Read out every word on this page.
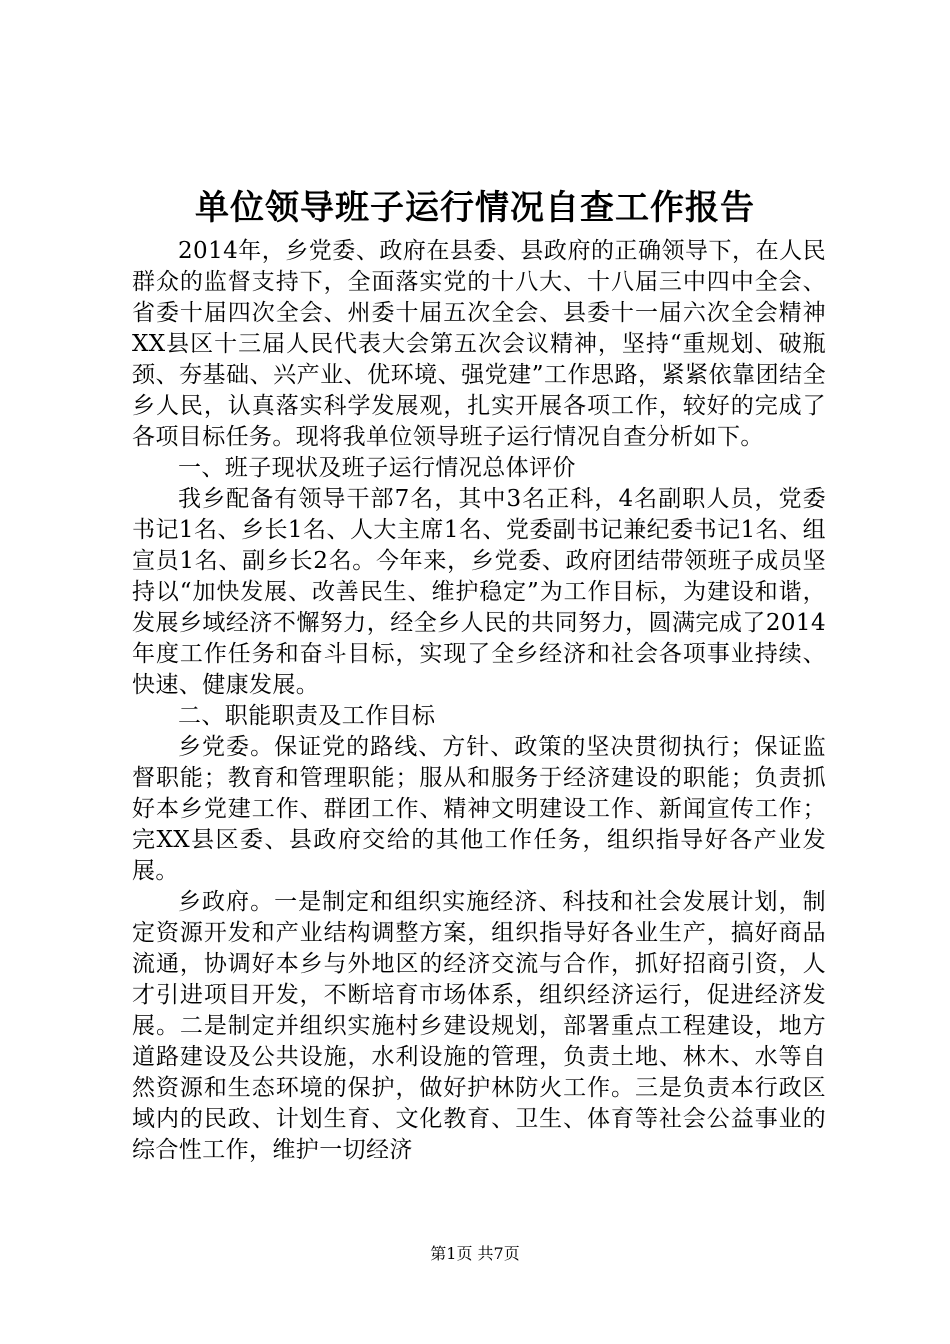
单位领导班子运行情况自查工作报告

2014年，乡党委、政府在县委、县政府的正确领导下，在人民群众的监督支持下，全面落实党的十八大、十八届三中四中全会、省委十届四次全会、州委十届五次全会、县委十一届六次全会精神XX县区十三届人民代表大会第五次会议精神，坚持“重规划、破瓶颈、夯基础、兴产业、优环境、强党建”工作思路，紧紧依靠团结全乡人民，认真落实科学发展观，扎实开展各项工作，较好的完成了各项目标任务。现将我单位领导班子运行情况自查分析如下。

一、班子现状及班子运行情况总体评价

我乡配备有领导干部7名，其中3名正科，4名副职人员，党委书记1名、乡长1名、人大主席1名、党委副书记兼纪委书记1名、组宣员1名、副乡长2名。今年来，乡党委、政府团结带领班子成员坚持以“加快发展、改善民生、维护稳定”为工作目标，为建设和谐，发展乡域经济不懈努力，经全乡人民的共同努力，圆满完成了2014年度工作任务和奋斗目标，实现了全乡经济和社会各项事业持续、快速、健康发展。

二、职能职责及工作目标

乡党委。保证党的路线、方针、政策的坚决贯彻执行；保证监督职能；教育和管理职能；服从和服务于经济建设的职能；负责抓好本乡党建工作、群团工作、精神文明建设工作、新闻宣传工作；完XX县区委、县政府交给的其他工作任务，组织指导好各产业发展。

乡政府。一是制定和组织实施经济、科技和社会发展计划，制定资源开发和产业结构调整方案，组织指导好各业生产，搞好商品流通，协调好本乡与外地区的经济交流与合作，抓好招商引资，人才引进项目开发，不断培育市场体系，组织经济运行，促进经济发展。二是制定并组织实施村乡建设规划，部署重点工程建设，地方道路建设及公共设施，水利设施的管理，负责土地、林木、水等自然资源和生态环境的保护，做好护林防火工作。三是负责本行政区域内的民政、计划生育、文化教育、卫生、体育等社会公益事业的综合性工作，维护一切经济

第1页 共7页
